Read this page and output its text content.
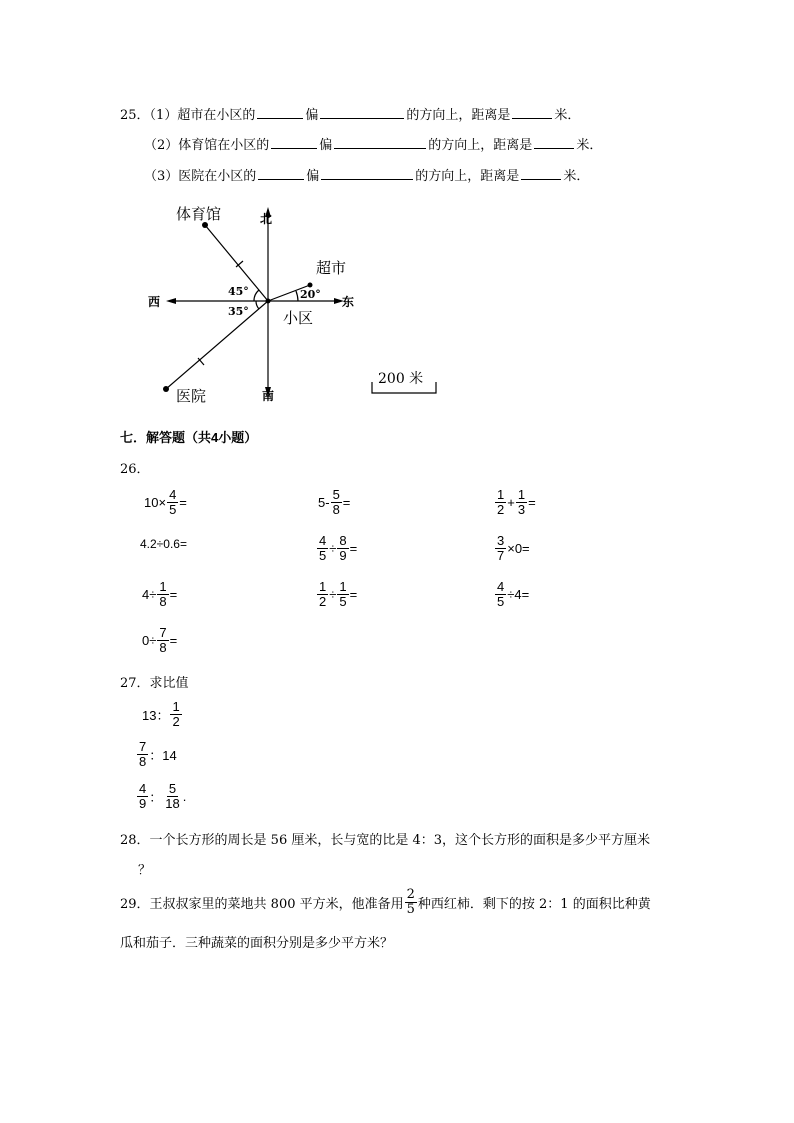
25．（1）超市在小区的	偏	的方向上，距离是	米．
（2）体育馆在小区的	偏	的方向上，距离是	米．
（3）医院在小区的	偏	的方向上，距离是	米．
北
南
东
西
体育馆
超市
小区
医院
45°
35°
20°
200 米
七．解答题（共4小题）
26．
$10\times \frac{4}{5}$ =	$5- \frac{5}{8}$ =	$\frac{1}{2} + \frac{1}{3}$ =
4.2÷0.6=	$\frac{4}{5} \div \frac{8}{9}$ =	$\frac{3}{7} \times 0=$
$4\div \frac{1}{8}$ =	$\frac{1}{2} \div \frac{1}{5}$ =	$\frac{4}{5} \div 4=$
$0\div \frac{7}{8}$ =
27．求比值
13： $\frac{1}{2}$
$\frac{7}{8}$ ：14
$\frac{4}{9}$ ： $\frac{5}{18}$ .
28．一个长方形的周长是 56 厘米，长与宽的比是 4：3，这个长方形的面积是多少平方厘米
？
29．王叔叔家里的菜地共 800 平方米，他准备用 $\frac{2}{5}$ 种西红柿．剩下的按 2：1 的面积比种黄
瓜和茄子．三种蔬菜的面积分别是多少平方米？
